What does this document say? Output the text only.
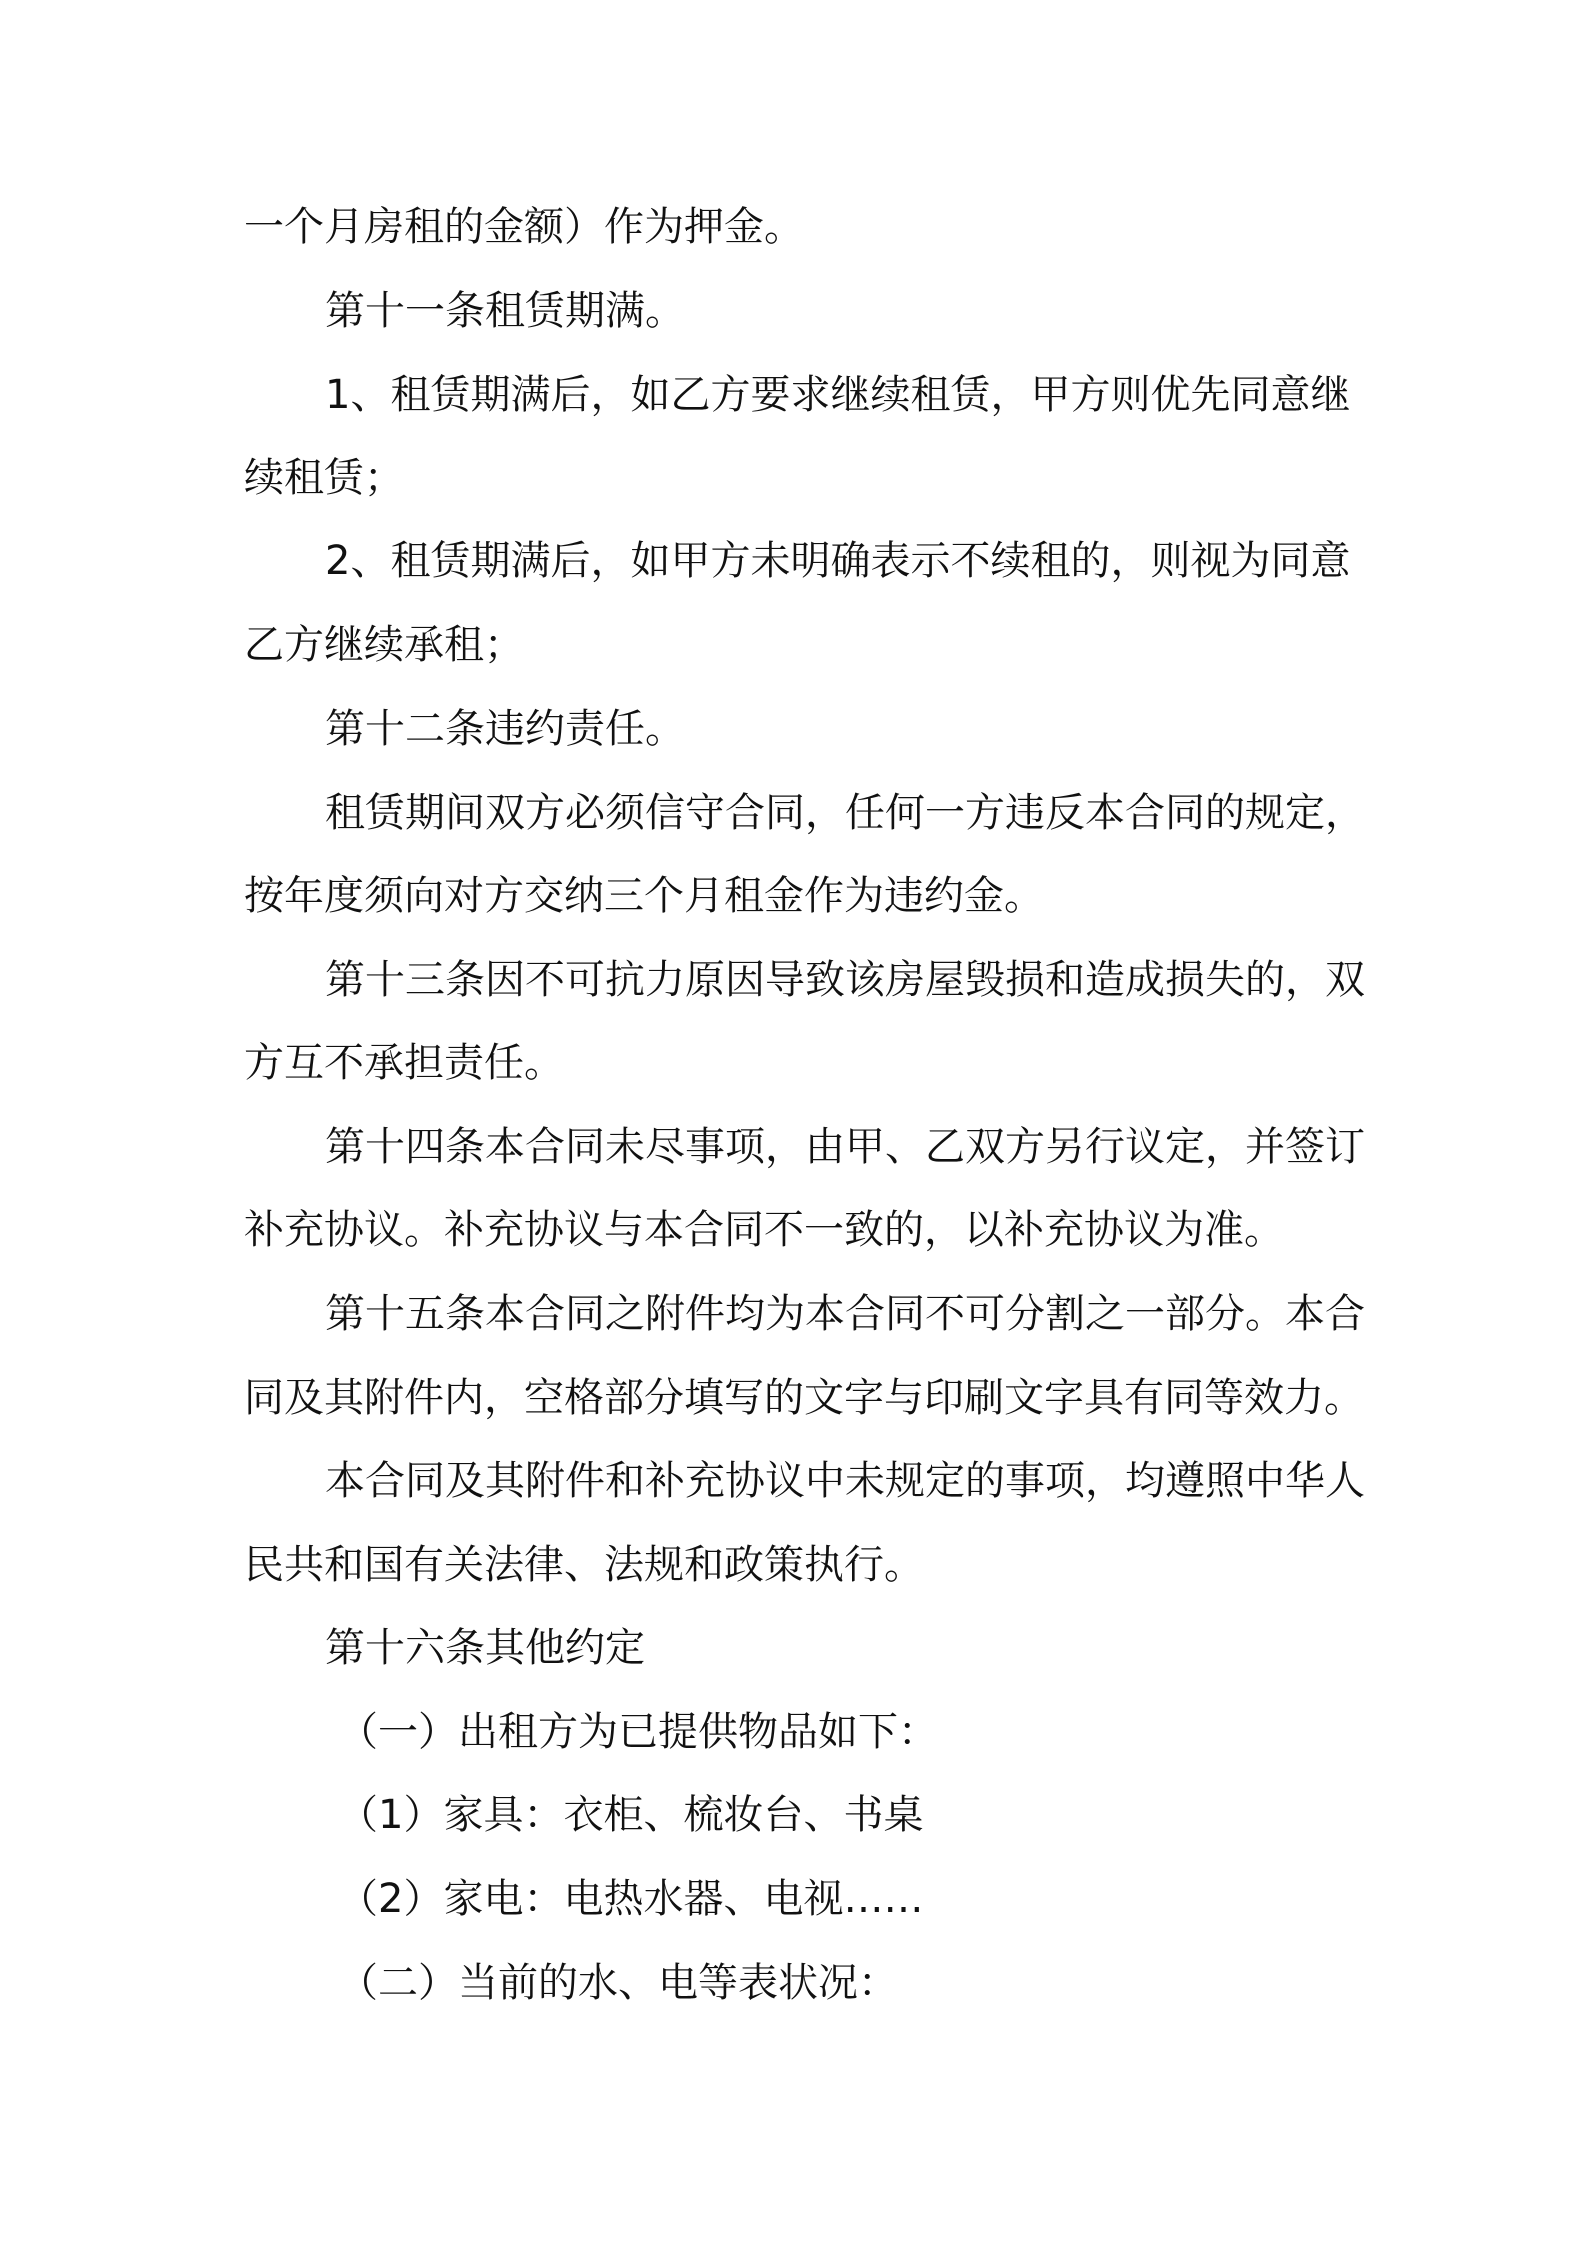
一个月房租的金额）作为押金。
第十一条租赁期满。
1、租赁期满后，如乙方要求继续租赁，甲方则优先同意继
续租赁；
2、租赁期满后，如甲方未明确表示不续租的，则视为同意
乙方继续承租；
第十二条违约责任。
租赁期间双方必须信守合同，任何一方违反本合同的规定，
按年度须向对方交纳三个月租金作为违约金。
第十三条因不可抗力原因导致该房屋毁损和造成损失的，双
方互不承担责任。
第十四条本合同未尽事项，由甲、乙双方另行议定，并签订
补充协议。补充协议与本合同不一致的，以补充协议为准。
第十五条本合同之附件均为本合同不可分割之一部分。本合
同及其附件内，空格部分填写的文字与印刷文字具有同等效力。
本合同及其附件和补充协议中未规定的事项，均遵照中华人
民共和国有关法律、法规和政策执行。
第十六条其他约定
（一）出租方为已提供物品如下：
（1）家具：衣柜、梳妆台、书桌
（2）家电：电热水器、电视……
（二）当前的水、电等表状况：
